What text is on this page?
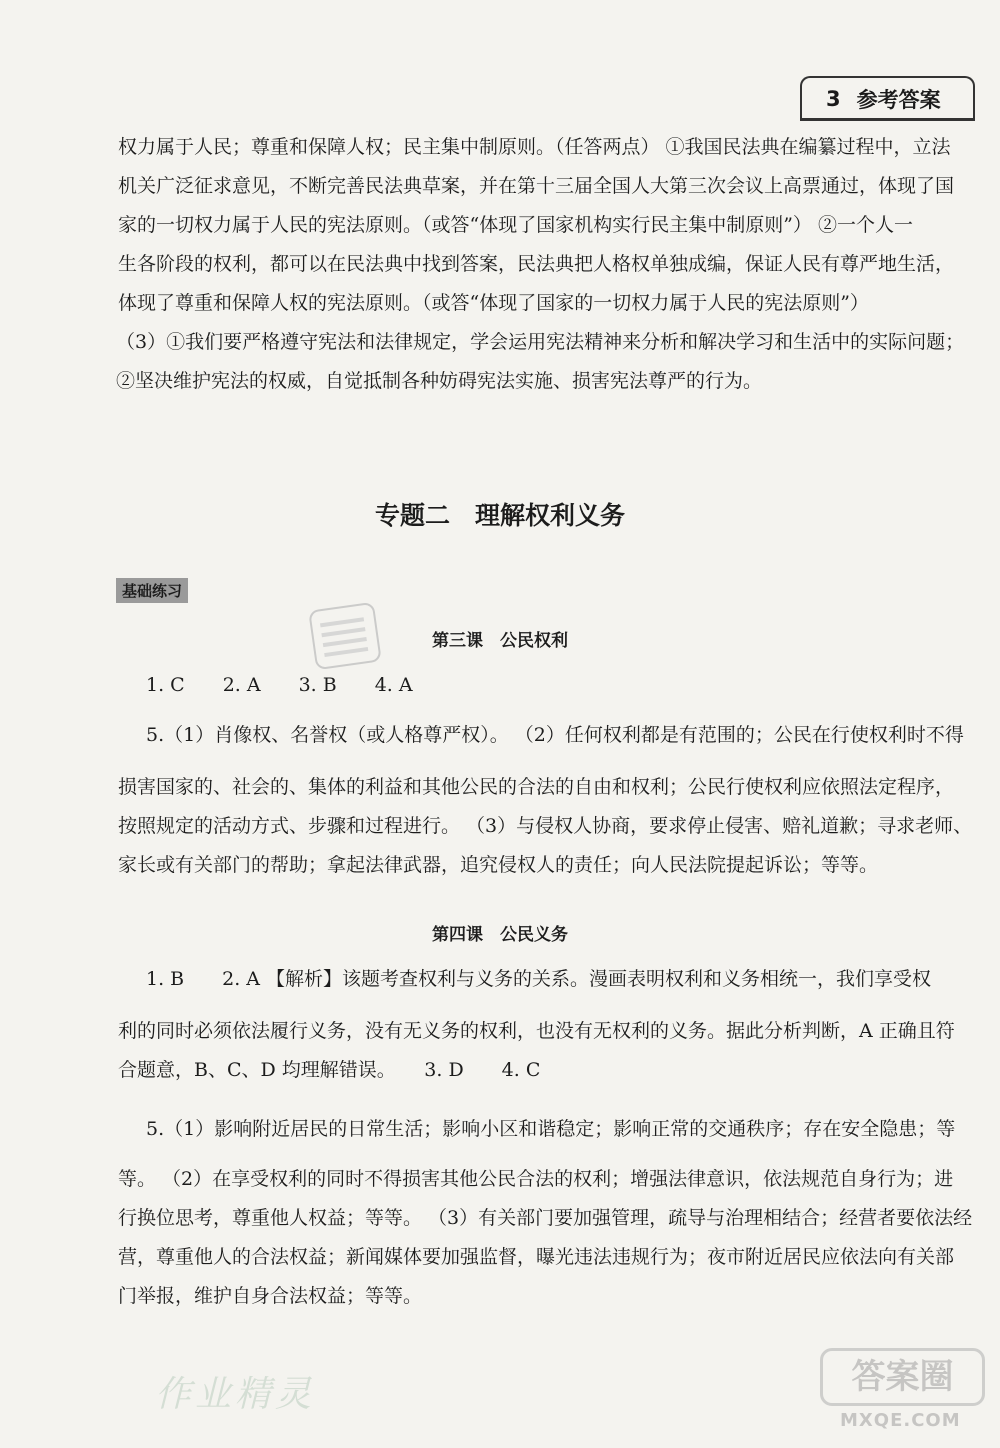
3 参考答案

权力属于人民；尊重和保障人权；民主集中制原则。（任答两点） ①我国民法典在编纂过程中，立法

机关广泛征求意见，不断完善民法典草案，并在第十三届全国人大第三次会议上高票通过，体现了国

家的一切权力属于人民的宪法原则。（或答“体现了国家机构实行民主集中制原则”） ②一个人一

生各阶段的权利，都可以在民法典中找到答案，民法典把人格权单独成编，保证人民有尊严地生活，

体现了尊重和保障人权的宪法原则。（或答“体现了国家的一切权力属于人民的宪法原则”）

（3）①我们要严格遵守宪法和法律规定，学会运用宪法精神来分析和解决学习和生活中的实际问题；

②坚决维护宪法的权威，自觉抵制各种妨碍宪法实施、损害宪法尊严的行为。

专题二　理解权利义务
基础练习
第三课　公民权利

1. C　　2. A　　3. B　　4. A

5.（1）肖像权、名誉权（或人格尊严权）。 （2）任何权利都是有范围的；公民在行使权利时不得

损害国家的、社会的、集体的利益和其他公民的合法的自由和权利；公民行使权利应依照法定程序，

按照规定的活动方式、步骤和过程进行。 （3）与侵权人协商，要求停止侵害、赔礼道歉；寻求老师、

家长或有关部门的帮助；拿起法律武器，追究侵权人的责任；向人民法院提起诉讼；等等。

第四课　公民义务

1. B　　2. A 【解析】该题考查权利与义务的关系。漫画表明权利和义务相统一，我们享受权

利的同时必须依法履行义务，没有无义务的权利，也没有无权利的义务。据此分析判断，A 正确且符

合题意，B、C、D 均理解错误。　　3. D　　4. C

5.（1）影响附近居民的日常生活；影响小区和谐稳定；影响正常的交通秩序；存在安全隐患；等

等。 （2）在享受权利的同时不得损害其他公民合法的权利；增强法律意识，依法规范自身行为；进

行换位思考，尊重他人权益；等等。 （3）有关部门要加强管理，疏导与治理相结合；经营者要依法经

营，尊重他人的合法权益；新闻媒体要加强监督，曝光违法违规行为；夜市附近居民应依法向有关部

门举报，维护自身合法权益；等等。

作业精灵	答案圈
MXQE.COM
